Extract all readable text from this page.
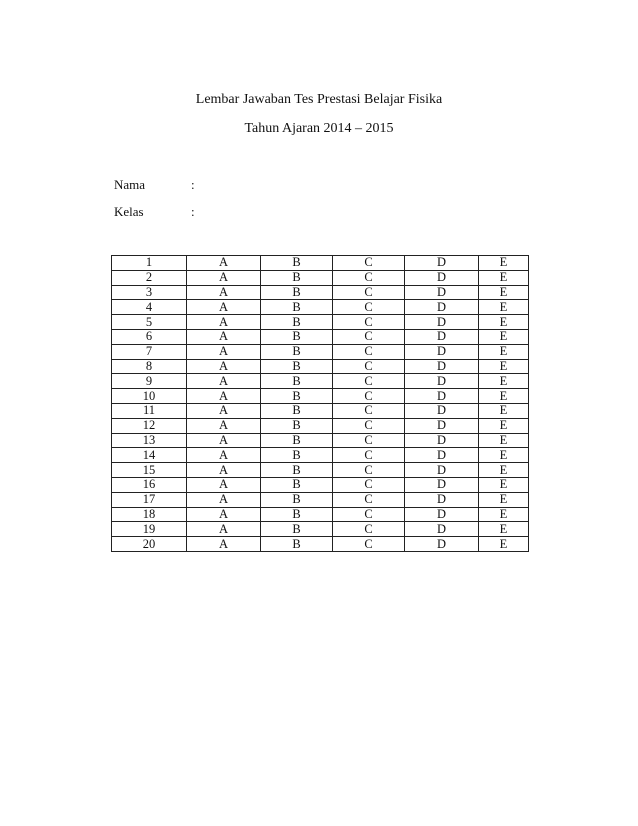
Lembar Jawaban Tes Prestasi Belajar Fisika
Tahun Ajaran 2014 – 2015
Nama	:
Kelas	:
1	A	B	C	D	E
2	A	B	C	D	E
3	A	B	C	D	E
4	A	B	C	D	E
5	A	B	C	D	E
6	A	B	C	D	E
7	A	B	C	D	E
8	A	B	C	D	E
9	A	B	C	D	E
10	A	B	C	D	E
11	A	B	C	D	E
12	A	B	C	D	E
13	A	B	C	D	E
14	A	B	C	D	E
15	A	B	C	D	E
16	A	B	C	D	E
17	A	B	C	D	E
18	A	B	C	D	E
19	A	B	C	D	E
20	A	B	C	D	E
